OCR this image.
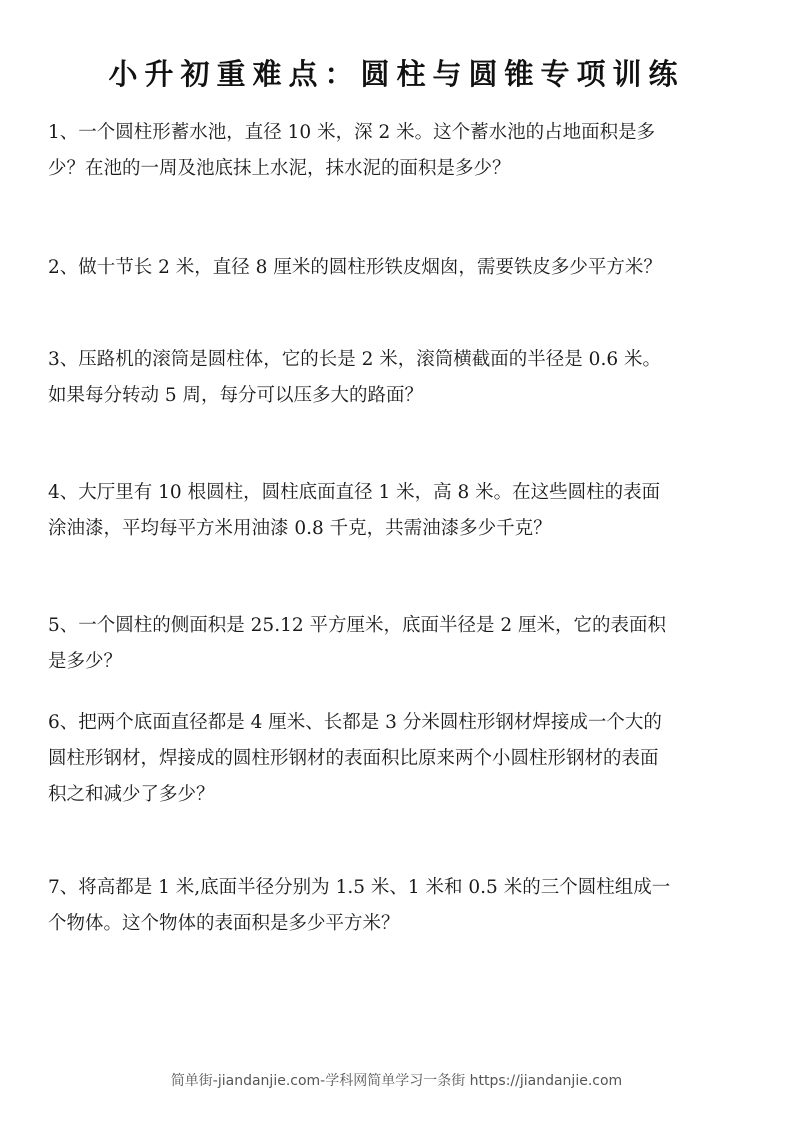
小升初重难点：圆柱与圆锥专项训练
1、一个圆柱形蓄水池，直径 10 米，深 2 米。这个蓄水池的占地面积是多
少？在池的一周及池底抹上水泥，抹水泥的面积是多少？
2、做十节长 2 米，直径 8 厘米的圆柱形铁皮烟囱，需要铁皮多少平方米？
3、压路机的滚筒是圆柱体，它的长是 2 米，滚筒横截面的半径是 0.6 米。
如果每分转动 5 周，每分可以压多大的路面？
4、大厅里有 10 根圆柱，圆柱底面直径 1 米，高 8 米。在这些圆柱的表面
涂油漆，平均每平方米用油漆 0.8 千克，共需油漆多少千克？
5、一个圆柱的侧面积是 25.12 平方厘米，底面半径是 2 厘米，它的表面积
是多少？
6、把两个底面直径都是 4 厘米、长都是 3 分米圆柱形钢材焊接成一个大的
圆柱形钢材，焊接成的圆柱形钢材的表面积比原来两个小圆柱形钢材的表面
积之和减少了多少？
7、将高都是 1 米,底面半径分别为 1.5 米、1 米和 0.5 米的三个圆柱组成一
个物体。这个物体的表面积是多少平方米？
简单街-jiandanjie.com-学科网简单学习一条街 https://jiandanjie.com
